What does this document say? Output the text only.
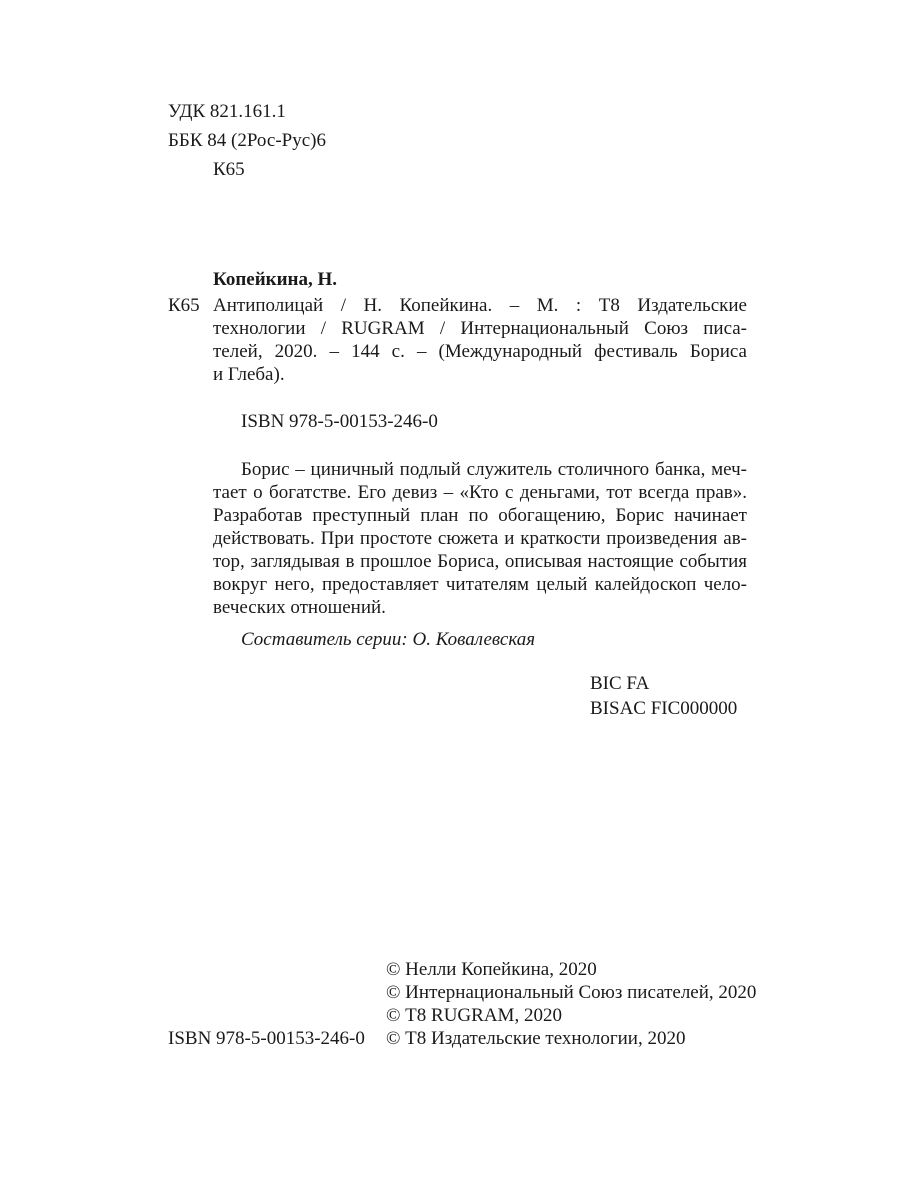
УДК 821.161.1
ББК 84 (2Рос-Рус)6
К65
Копейкина, Н.
К65 Антиполицай / Н. Копейкина. – М. : Т8 Издательские
технологии / RUGRAM / Интернациональный Союз писа-
телей, 2020. – 144 с. – (Международный фестиваль Бориса
и Глеба).
ISBN 978-5-00153-246-0
Борис – циничный подлый служитель столичного банка, меч-
тает о богатстве. Его девиз – «Кто с деньгами, тот всегда прав».
Разработав преступный план по обогащению, Борис начинает
действовать. При простоте сюжета и краткости произведения ав-
тор, заглядывая в прошлое Бориса, описывая настоящие события
вокруг него, предоставляет читателям целый калейдоскоп чело-
веческих отношений.
Составитель серии: О. Ковалевская
BIC FA
BISAC FIC000000
© Нелли Копейкина, 2020
© Интернациональный Союз писателей, 2020
© Т8 RUGRAM, 2020
© Т8 Издательские технологии, 2020
ISBN 978-5-00153-246-0
